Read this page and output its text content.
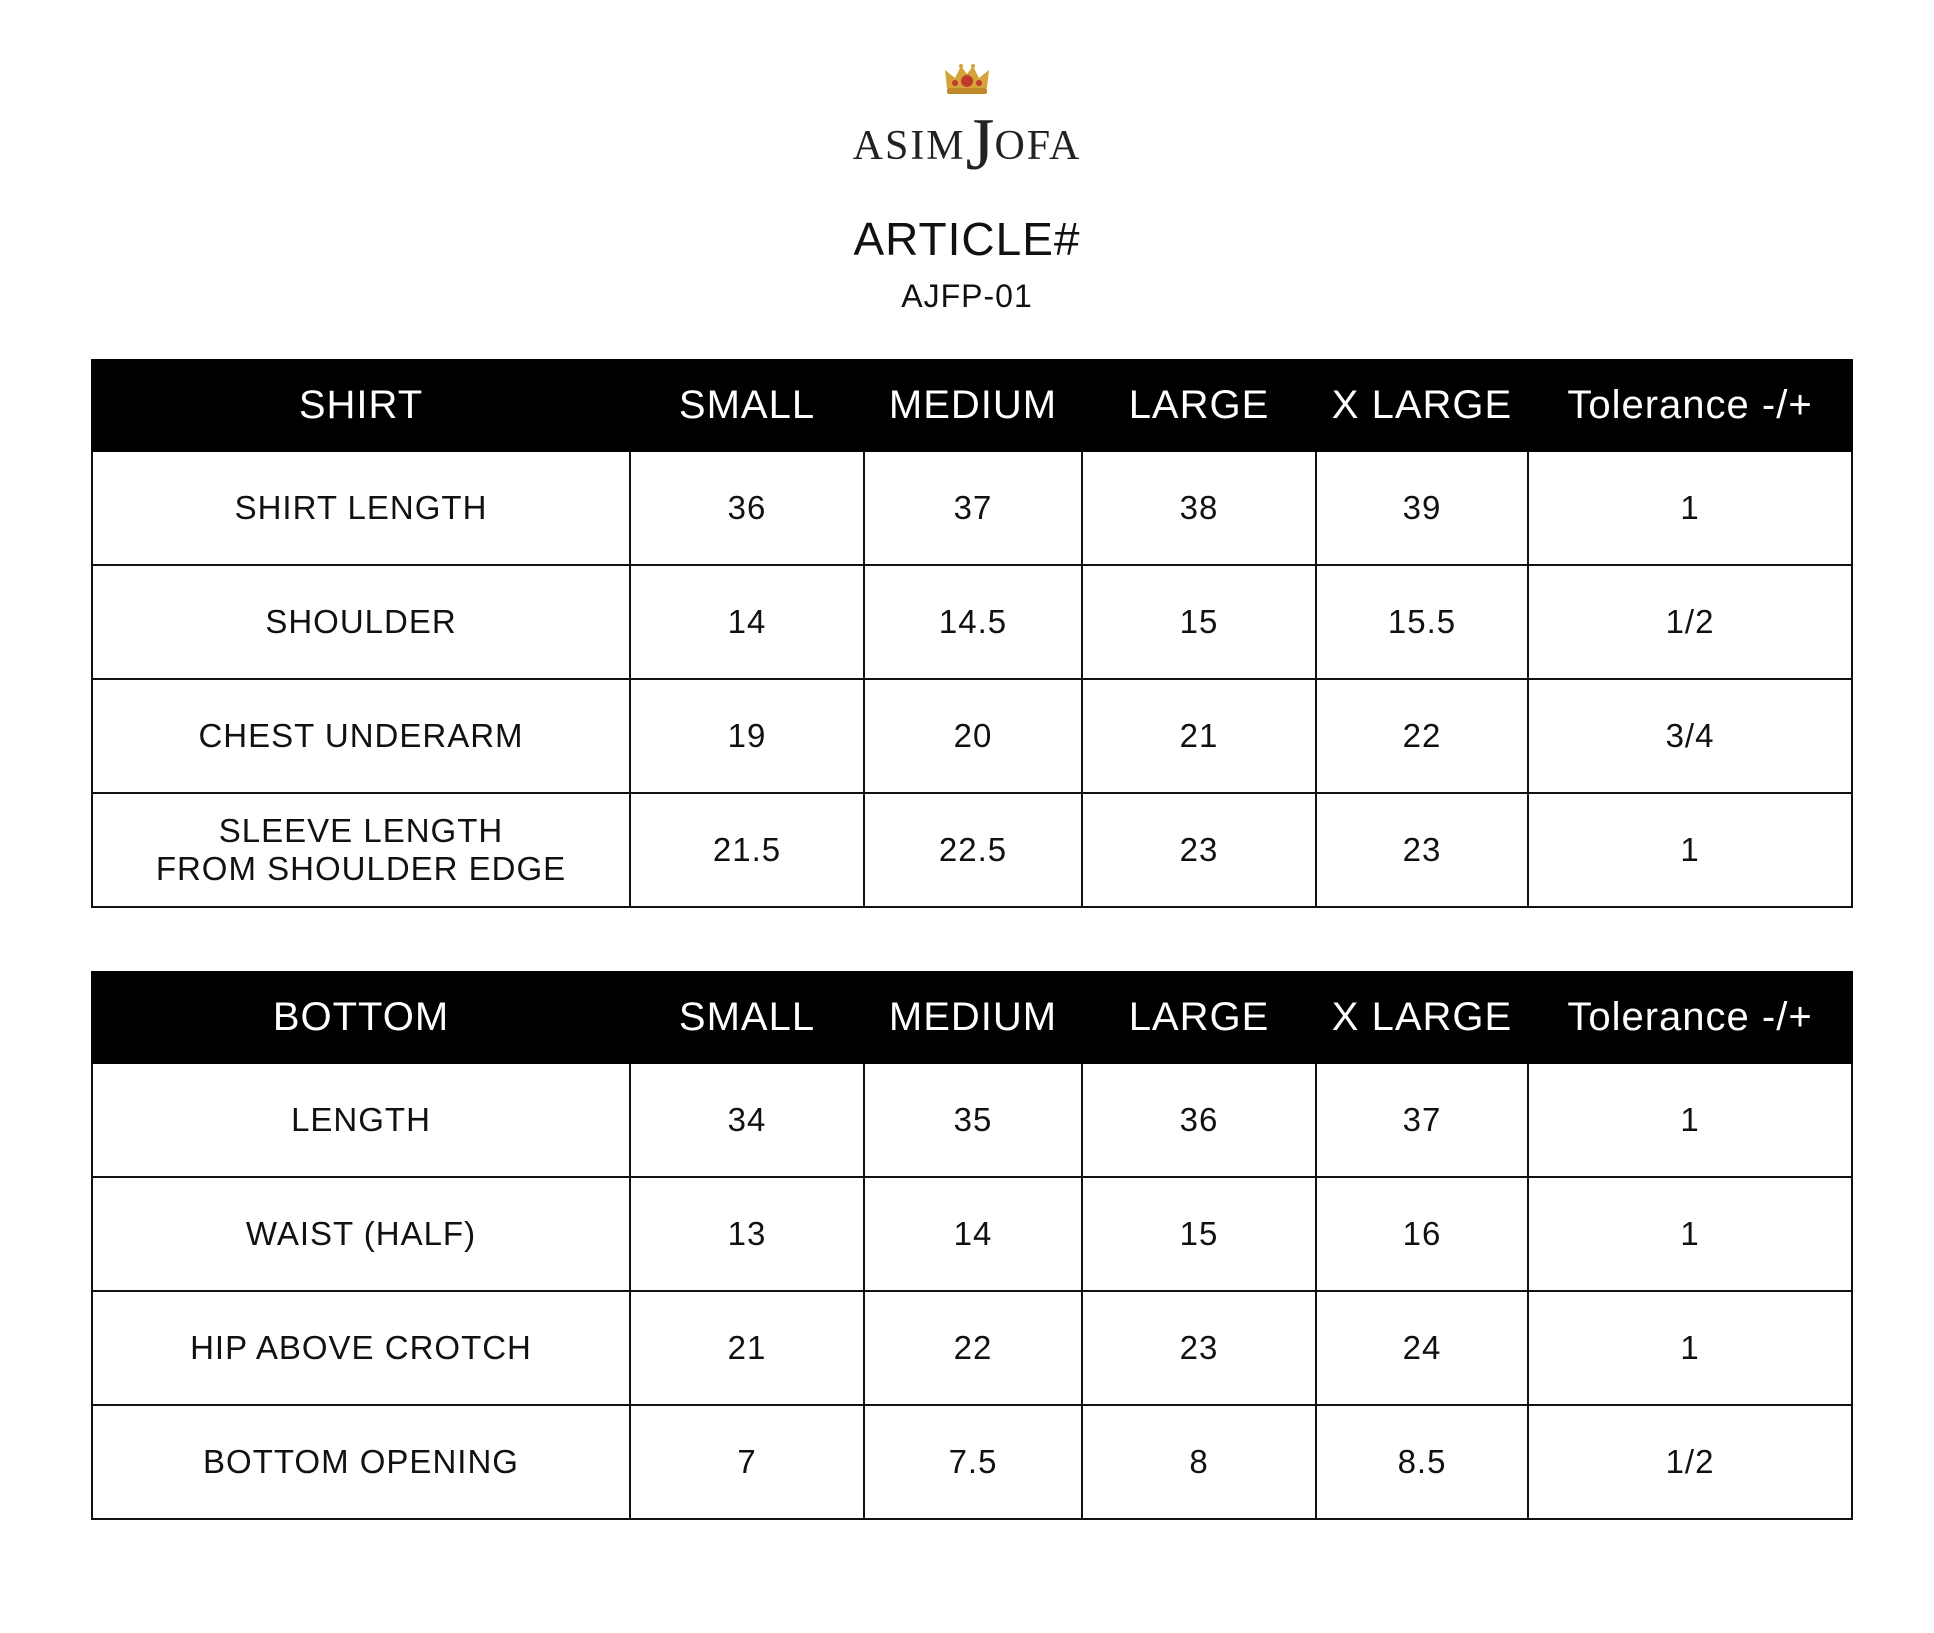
ASIMJOFA
ARTICLE#
AJFP-01
SHIRT	SMALL	MEDIUM	LARGE	X LARGE	Tolerance -/+
SHIRT LENGTH	36	37	38	39	1
SHOULDER	14	14.5	15	15.5	1/2
CHEST UNDERARM	19	20	21	22	3/4
SLEEVE LENGTH
FROM SHOULDER EDGE	21.5	22.5	23	23	1
BOTTOM	SMALL	MEDIUM	LARGE	X LARGE	Tolerance -/+
LENGTH	34	35	36	37	1
WAIST (HALF)	13	14	15	16	1
HIP ABOVE CROTCH	21	22	23	24	1
BOTTOM OPENING	7	7.5	8	8.5	1/2
